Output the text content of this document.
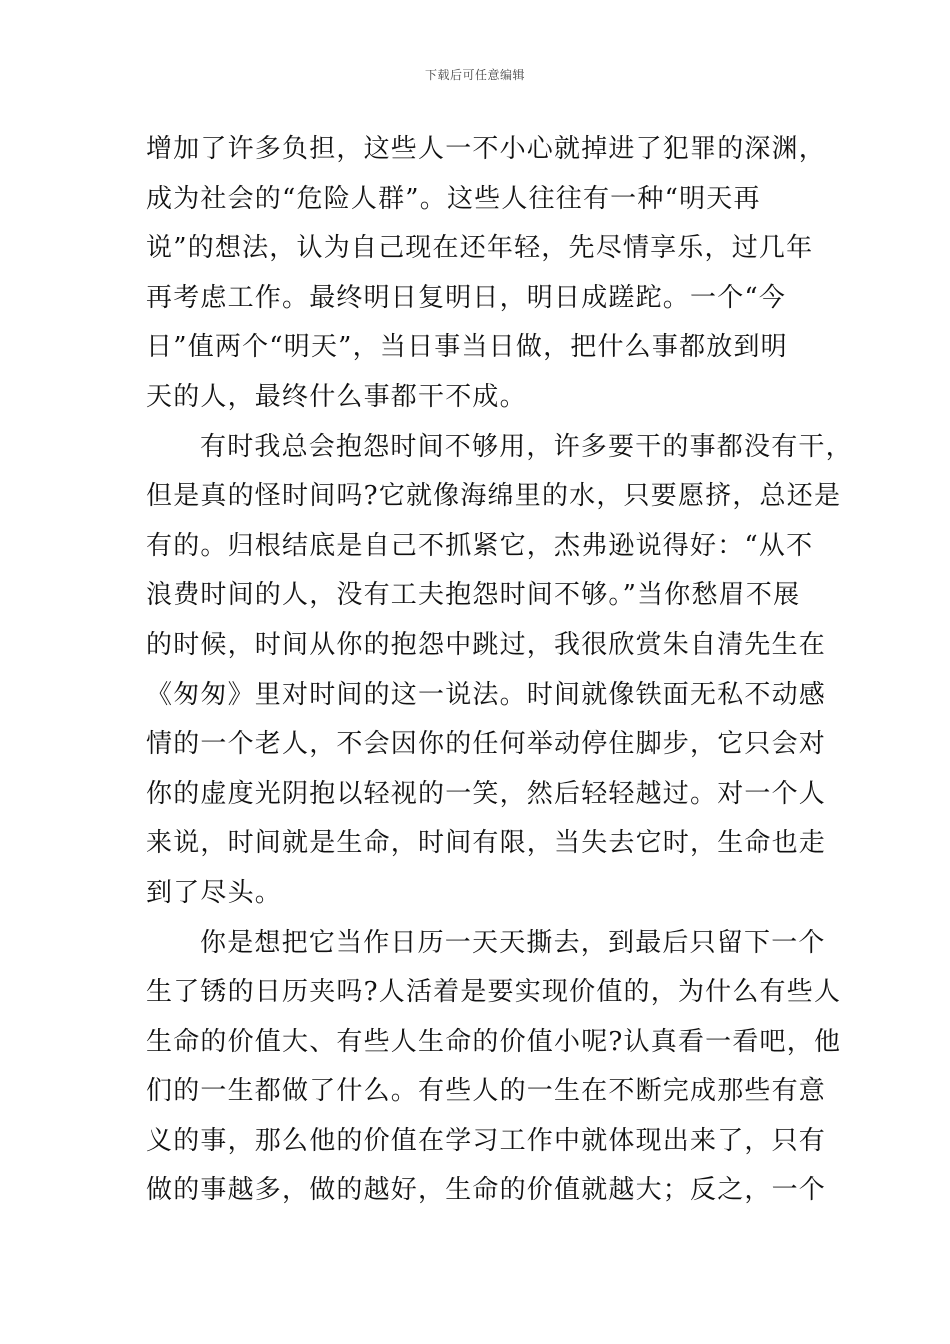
下载后可任意编辑
增加了许多负担，这些人一不小心就掉进了犯罪的深渊，
成为社会的“危险人群”。这些人往往有一种“明天再
说”的想法，认为自己现在还年轻，先尽情享乐，过几年
再考虑工作。最终明日复明日，明日成蹉跎。一个“今
日”值两个“明天”，当日事当日做，把什么事都放到明
天的人，最终什么事都干不成。
有时我总会抱怨时间不够用，许多要干的事都没有干，
但是真的怪时间吗?它就像海绵里的水，只要愿挤，总还是
有的。归根结底是自己不抓紧它，杰弗逊说得好：“从不
浪费时间的人，没有工夫抱怨时间不够。”当你愁眉不展
的时候，时间从你的抱怨中跳过，我很欣赏朱自清先生在
《匆匆》里对时间的这一说法。时间就像铁面无私不动感
情的一个老人，不会因你的任何举动停住脚步，它只会对
你的虚度光阴抱以轻视的一笑，然后轻轻越过。对一个人
来说，时间就是生命，时间有限，当失去它时，生命也走
到了尽头。
你是想把它当作日历一天天撕去，到最后只留下一个
生了锈的日历夹吗?人活着是要实现价值的，为什么有些人
生命的价值大、有些人生命的价值小呢?认真看一看吧，他
们的一生都做了什么。有些人的一生在不断完成那些有意
义的事，那么他的价值在学习工作中就体现出来了，只有
做的事越多，做的越好，生命的价值就越大；反之，一个
